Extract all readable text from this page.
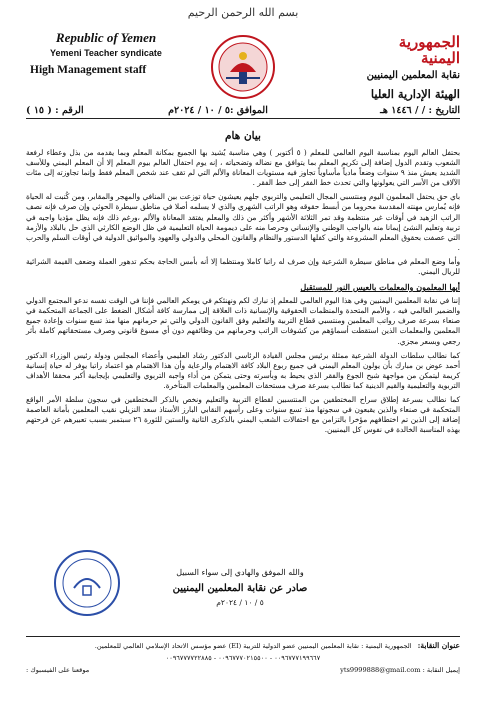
بسم الله الرحمن الرحيم
Republic of Yemen
Yemeni Teacher syndicate
High Management staff
الجمهورية
اليمنية
نقابة المعلمين اليمنيين
الهيئة الإدارية العليا
التاريخ : / / ١٤٤٦ هـ
الموافق :٥ / ١٠ / ٢٠٢٤م
الرقم : ( ١٥ )
بيان هام

بحتفل العالم اليوم بمناسبة اليوم العالمي للمعلم ( ٥ أكتوبر ) وهي مناسبة يُشيد بها الجميع بمكانة المعلم وبما يقدمه من بذل وعطاء لرفعة الشعوب وتقدم الدول إضافة إلى تكريم المعلم بما يتوافق مع نضاله وتضحياته ، إنه يوم احتفال العالم بيوم المعلم إلا أن المعلم اليمني وللأسف الشديد يعيش منذ ٩ سنوات وضعاً مادياً مأساوياً تجاوز فيه مستويات المعاناة والألم التي لم تقف عند شخص المعلم فقط وإنما تجاوزته إلى مئات الآلاف من الأسر التي يعولونها والتي تحدث خط الفقر إلى خط الفقر .

باي حق يحتفل المعلمون اليوم ومنتسبي المجال التعليمي والتربوي جلهم يعيشون حياة توزعت بين المنافي والمهجر والمقابر، ومن كُتبت له الحياة فإنه يُمارس مهنته المقدسة محروما من أبسط حقوقه وهو الراتب الشهري والذي لا يسلمه أصلا في مناطق سيطرة الحوثي وإن صرف فإنه نصف الراتب الزهيد في أوقات غير منتظمة وقد تمر الثلاثة الأشهر وأكثر من ذلك والمعلم يفتقد المعاناة والألم ،ورغم ذلك فإنه يظل مؤديا واجبه في تربية وتعليم النشئ إيمانا منه بالواجب الوطني والإنساني وحرصا منه على ديمومة الحياة التعليمية في ظل الوضع الكارثي الذي حل بالبلاد والأزمة التي عصفت بحقوق المعلم المشروعة والتي كفلها الدستور والنظام والقانون المحلي والدولي والعهود والمواثيق الدولية في أوقات السلم والحرب .

وأما وضع المعلم في مناطق سيطرة الشرعية وإن صرف له راتبا كاملا ومنتظما إلا أنه بأمس الحاجة بحكم تدهور العملة وضعف القيمة الشرائية للريال اليمني.

أيها المعلمون والمعلمات بالعيس النور للمستقبل

إننا في نقابة المعلمين اليمنيين وفي هذا اليوم العالمي للمعلم إذ نبارك لكم ونهنئكم في يومكم العالمي فإننا في الوقت نفسه ندعو المجتمع الدولي والضمير العالمي فيه ، والأمم المتحدة والمنظمات الحقوقية والإنسانية ذات العلاقة إلى ممارسة كافة أشكال الضغط على الجماعة المتحكمة في صنعاء بسرعة صرف رواتب المعلمين ومنتسبي قطاع التربية والتعليم وفق القانون الدولي والتي تم حرمانهم منها منذ تسع سنوات وإعادة جميع المعلمين والمعلمات الذين استقطت أسماؤهم من كشوفات الراتب وحرمانهم من وظائفهم دون أي مسوغ قانوني وصرف مستحقاتهم كاملة بأثر رجعي وبسعر مجزي.

كما نطالب سلطات الدولة الشرعية ممثلة برئيس مجلس القيادة الرئاسي الدكتور رشاد العليمي وأعضاء المجلس ودولة رئيس الوزراء الدكتور أحمد عوض بن مبارك بأن يولون المعلم اليمني في جميع ربوع البلاد كافة الاهتمام والرعاية وأن هذا الاهتمام هو اعتماد راتبا يوفر له حياة إنسانية كريمة ليتمكن من مواجهة شبح الجوع والفقر الذي يحيط به وبأسرته وحتى يتمكن من أداء واجبه التربوي والتعليمي بإيجابية أكبر محققا الأهداف التربوية والتعليمية والقيم الدينية كما نطالب بسرعة صرف مستحقات المعلمين والمعلمات المتأخرة.

كما نطالب بسرعة إطلاق سراح المختطفين من المنتسبين لقطاع التربية والتعليم ونخص بالذكر المختطفين في سجون سلطة الأمر الواقع المتحكمة في صنعاء والذين يقبعون في سجونها منذ تسع سنوات وعلى رأسهم النقابي البارز الأستاذ سعد النزيلي نقيب المعلمين بأمانة العاصمة إضافة إلى الذين تم اختطافهم مؤخرا بالتزامن مع احتفالات الشعب اليمني بالذكرى الثانية والستين للثورة ٢٦ سبتمبر بسبب تعبيرهم عن فرحتهم بهذه المناسبة الخالدة في نفوس كل اليمنيين.

والله الموفق والهادي إلى سواء السبيل
صادر عن نقابة المعلمين اليمنيين
٥ / ١٠ / ٢٠٢٤م
عنوان النقابة:
الجمهورية اليمنية : نقابة المعلمين اليمنيين عضو الدولية للتربية (EI) عضو مؤسس الاتحاد الإسلامي العالمي للمعلمين.
٠٠٩٦٧٧٧١٩٩٦٦٧ - ٠٠٩٦٧٧٧٠٢١٥٥٠٠ - ٠٠٩٦٧٧٧٧٢٢٨٨٥
إيميل النقابة : yts9999888@gmail.com
موقعنا على الفيسبوك :
